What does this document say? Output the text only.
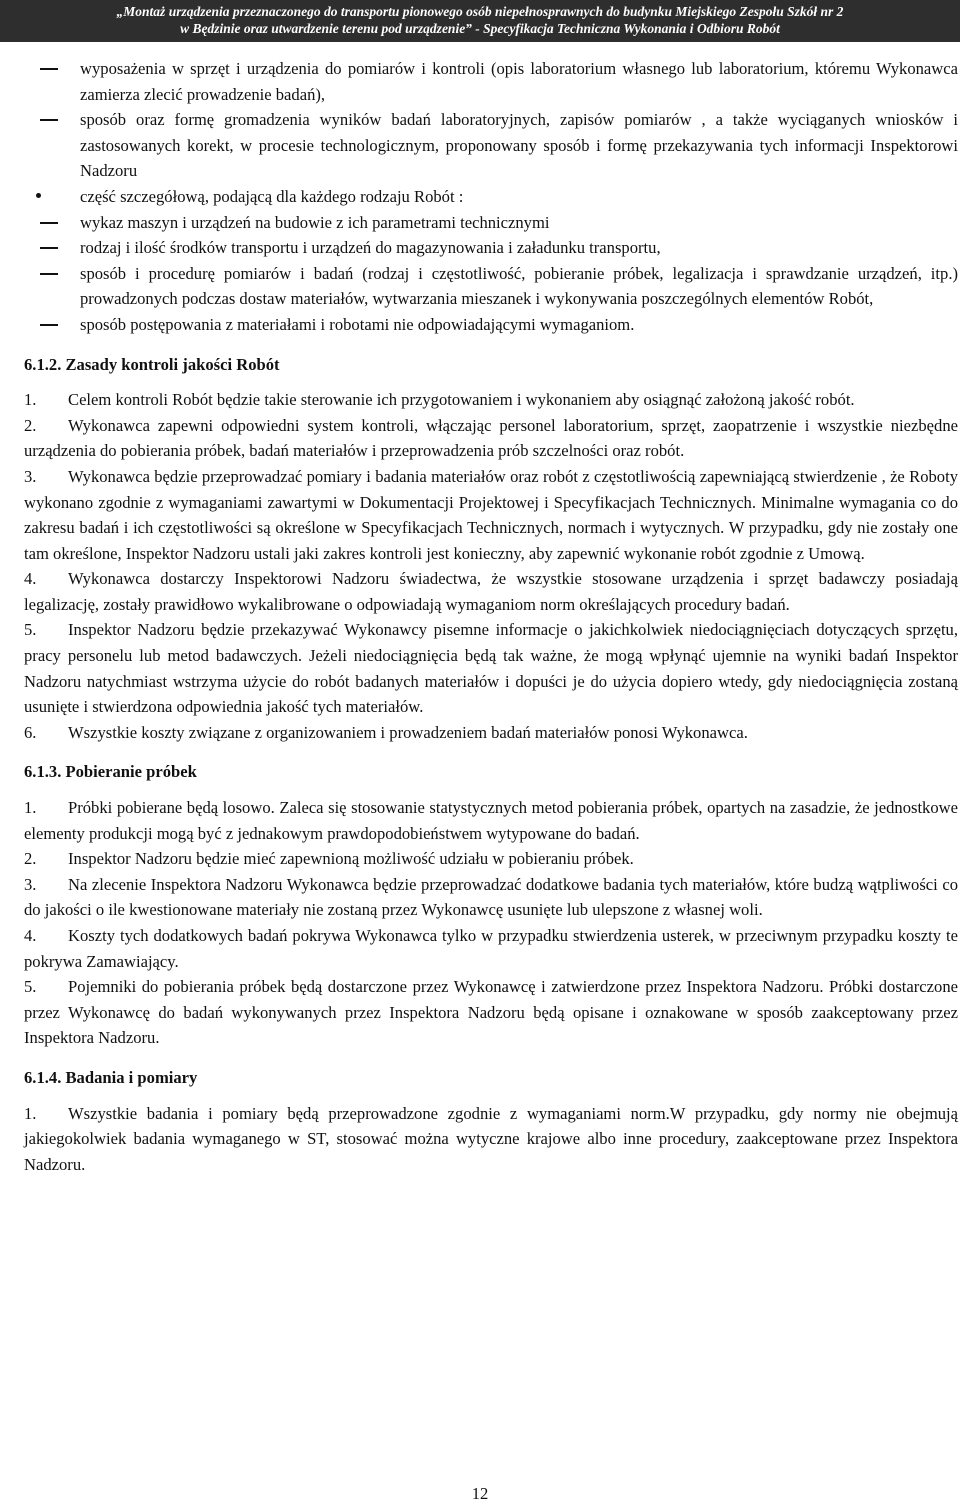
„Montaż urządzenia przeznaczonego do transportu pionowego osób niepełnosprawnych do budynku Miejskiego Zespołu Szkół nr 2
w Będzinie oraz utwardzenie terenu pod urządzenie” - Specyfikacja Techniczna Wykonania i Odbioru Robót

wyposażenia w sprzęt i urządzenia do pomiarów i kontroli (opis laboratorium własnego lub laboratorium, któremu Wykonawca zamierza zlecić prowadzenie badań),

sposób oraz formę gromadzenia wyników badań laboratoryjnych, zapisów pomiarów , a także wyciąganych wniosków i zastosowanych korekt, w procesie technologicznym, proponowany sposób i formę przekazywania tych informacji Inspektorowi Nadzoru

część szczegółową, podającą dla każdego rodzaju Robót :

wykaz maszyn i urządzeń na budowie z ich parametrami technicznymi

rodzaj i ilość środków transportu i urządzeń do magazynowania i załadunku transportu,

sposób i procedurę pomiarów i badań (rodzaj i częstotliwość, pobieranie próbek, legalizacja i sprawdzanie urządzeń, itp.) prowadzonych podczas dostaw materiałów, wytwarzania mieszanek i wykonywania poszczególnych elementów Robót,

sposób postępowania z materiałami i robotami nie odpowiadającymi wymaganiom.

6.1.2. Zasady kontroli jakości Robót

1. Celem kontroli Robót będzie takie sterowanie ich przygotowaniem i wykonaniem aby osiągnąć założoną jakość robót.

2. Wykonawca zapewni odpowiedni system kontroli, włączając personel laboratorium, sprzęt, zaopatrzenie i wszystkie niezbędne urządzenia do pobierania próbek, badań materiałów i przeprowadzenia prób szczelności oraz robót.

3. Wykonawca będzie przeprowadzać pomiary i badania materiałów oraz robót z częstotliwością zapewniającą stwierdzenie , że Roboty wykonano zgodnie z wymaganiami zawartymi w Dokumentacji Projektowej i Specyfikacjach Technicznych. Minimalne wymagania co do zakresu badań i ich częstotliwości są określone w Specyfikacjach Technicznych, normach i wytycznych. W przypadku, gdy nie zostały one tam określone, Inspektor Nadzoru ustali jaki zakres kontroli jest konieczny, aby zapewnić wykonanie robót zgodnie z Umową.

4. Wykonawca dostarczy Inspektorowi Nadzoru świadectwa, że wszystkie stosowane urządzenia i sprzęt badawczy posiadają legalizację, zostały prawidłowo wykalibrowane o odpowiadają wymaganiom norm określających procedury badań.

5. Inspektor Nadzoru będzie przekazywać Wykonawcy pisemne informacje o jakichkolwiek niedociągnięciach dotyczących sprzętu, pracy personelu lub metod badawczych. Jeżeli niedociągnięcia będą tak ważne, że mogą wpłynąć ujemnie na wyniki badań Inspektor Nadzoru natychmiast wstrzyma użycie do robót badanych materiałów i dopuści je do użycia dopiero wtedy, gdy niedociągnięcia zostaną usunięte i stwierdzona odpowiednia jakość tych materiałów.

6. Wszystkie koszty związane z organizowaniem i prowadzeniem badań materiałów ponosi Wykonawca.

6.1.3. Pobieranie próbek

1. Próbki pobierane będą losowo. Zaleca się stosowanie statystycznych metod pobierania próbek, opartych na zasadzie, że jednostkowe elementy produkcji mogą być z jednakowym prawdopodobieństwem wytypowane do badań.

2. Inspektor Nadzoru będzie mieć zapewnioną możliwość udziału w pobieraniu próbek.

3. Na zlecenie Inspektora Nadzoru Wykonawca będzie przeprowadzać dodatkowe badania tych materiałów, które budzą wątpliwości co do jakości o ile kwestionowane materiały nie zostaną przez Wykonawcę usunięte lub ulepszone z własnej woli.

4. Koszty tych dodatkowych badań pokrywa Wykonawca tylko w przypadku stwierdzenia usterek, w przeciwnym przypadku koszty te pokrywa Zamawiający.

5. Pojemniki do pobierania próbek będą dostarczone przez Wykonawcę i zatwierdzone przez Inspektora Nadzoru. Próbki dostarczone przez Wykonawcę do badań wykonywanych przez Inspektora Nadzoru będą opisane i oznakowane w sposób zaakceptowany przez Inspektora Nadzoru.

6.1.4. Badania i pomiary

1. Wszystkie badania i pomiary będą przeprowadzone zgodnie z wymaganiami norm.W przypadku, gdy normy nie obejmują jakiegokolwiek badania wymaganego w ST, stosować można wytyczne krajowe albo inne procedury, zaakceptowane przez Inspektora Nadzoru.

12
